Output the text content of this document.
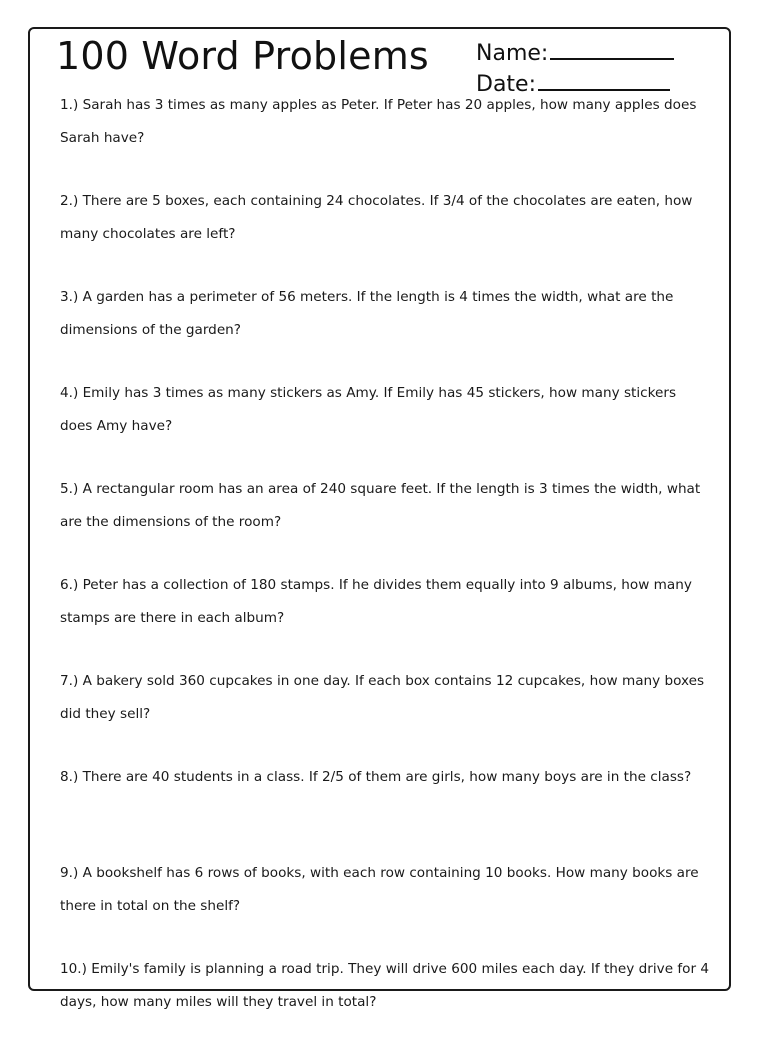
100 Word Problems Name:
Date:
1.) Sarah has 3 times as many apples as Peter. If Peter has 20 apples, how many apples does Sarah have?
2.) There are 5 boxes, each containing 24 chocolates. If 3/4 of the chocolates are eaten, how many chocolates are left?
3.) A garden has a perimeter of 56 meters. If the length is 4 times the width, what are the dimensions of the garden?
4.) Emily has 3 times as many stickers as Amy. If Emily has 45 stickers, how many stickers does Amy have?
5.) A rectangular room has an area of 240 square feet. If the length is 3 times the width, what are the dimensions of the room?
6.) Peter has a collection of 180 stamps. If he divides them equally into 9 albums, how many stamps are there in each album?
7.) A bakery sold 360 cupcakes in one day. If each box contains 12 cupcakes, how many boxes did they sell?
8.) There are 40 students in a class. If 2/5 of them are girls, how many boys are in the class?
9.) A bookshelf has 6 rows of books, with each row containing 10 books. How many books are there in total on the shelf?
10.) Emily's family is planning a road trip. They will drive 600 miles each day. If they drive for 4 days, how many miles will they travel in total?
